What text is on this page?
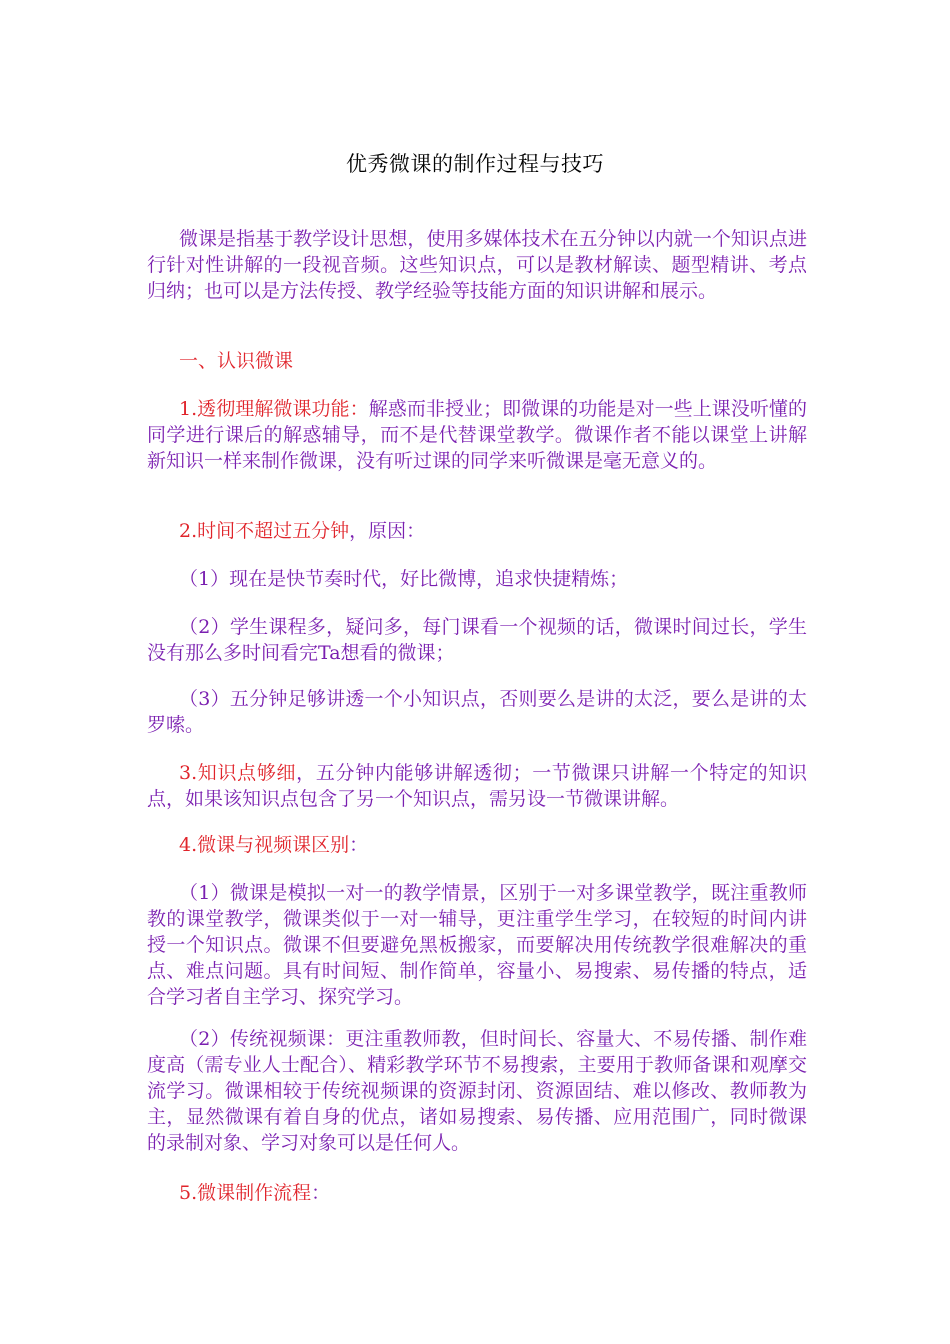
优秀微课的制作过程与技巧

微课是指基于教学设计思想，使用多媒体技术在五分钟以内就一个知识点进行针对性讲解的一段视音频。这些知识点，可以是教材解读、题型精讲、考点归纳；也可以是方法传授、教学经验等技能方面的知识讲解和展示。

一、认识微课

1.透彻理解微课功能：解惑而非授业；即微课的功能是对一些上课没听懂的同学进行课后的解惑辅导，而不是代替课堂教学。微课作者不能以课堂上讲解新知识一样来制作微课，没有听过课的同学来听微课是毫无意义的。

2.时间不超过五分钟，原因：

（1）现在是快节奏时代，好比微博，追求快捷精炼；

（2）学生课程多，疑问多，每门课看一个视频的话，微课时间过长，学生没有那么多时间看完Ta想看的微课；

（3）五分钟足够讲透一个小知识点，否则要么是讲的太泛，要么是讲的太罗嗦。

3.知识点够细，五分钟内能够讲解透彻；一节微课只讲解一个特定的知识点，如果该知识点包含了另一个知识点，需另设一节微课讲解。

4.微课与视频课区别：

（1）微课是模拟一对一的教学情景，区别于一对多课堂教学，既注重教师教的课堂教学，微课类似于一对一辅导，更注重学生学习，在较短的时间内讲授一个知识点。微课不但要避免黑板搬家，而要解决用传统教学很难解决的重点、难点问题。具有时间短、制作简单，容量小、易搜索、易传播的特点，适合学习者自主学习、探究学习。

（2）传统视频课：更注重教师教，但时间长、容量大、不易传播、制作难度高（需专业人士配合）、精彩教学环节不易搜索，主要用于教师备课和观摩交流学习。微课相较于传统视频课的资源封闭、资源固结、难以修改、教师教为主，显然微课有着自身的优点，诸如易搜索、易传播、应用范围广，同时微课的录制对象、学习对象可以是任何人。

5.微课制作流程：
